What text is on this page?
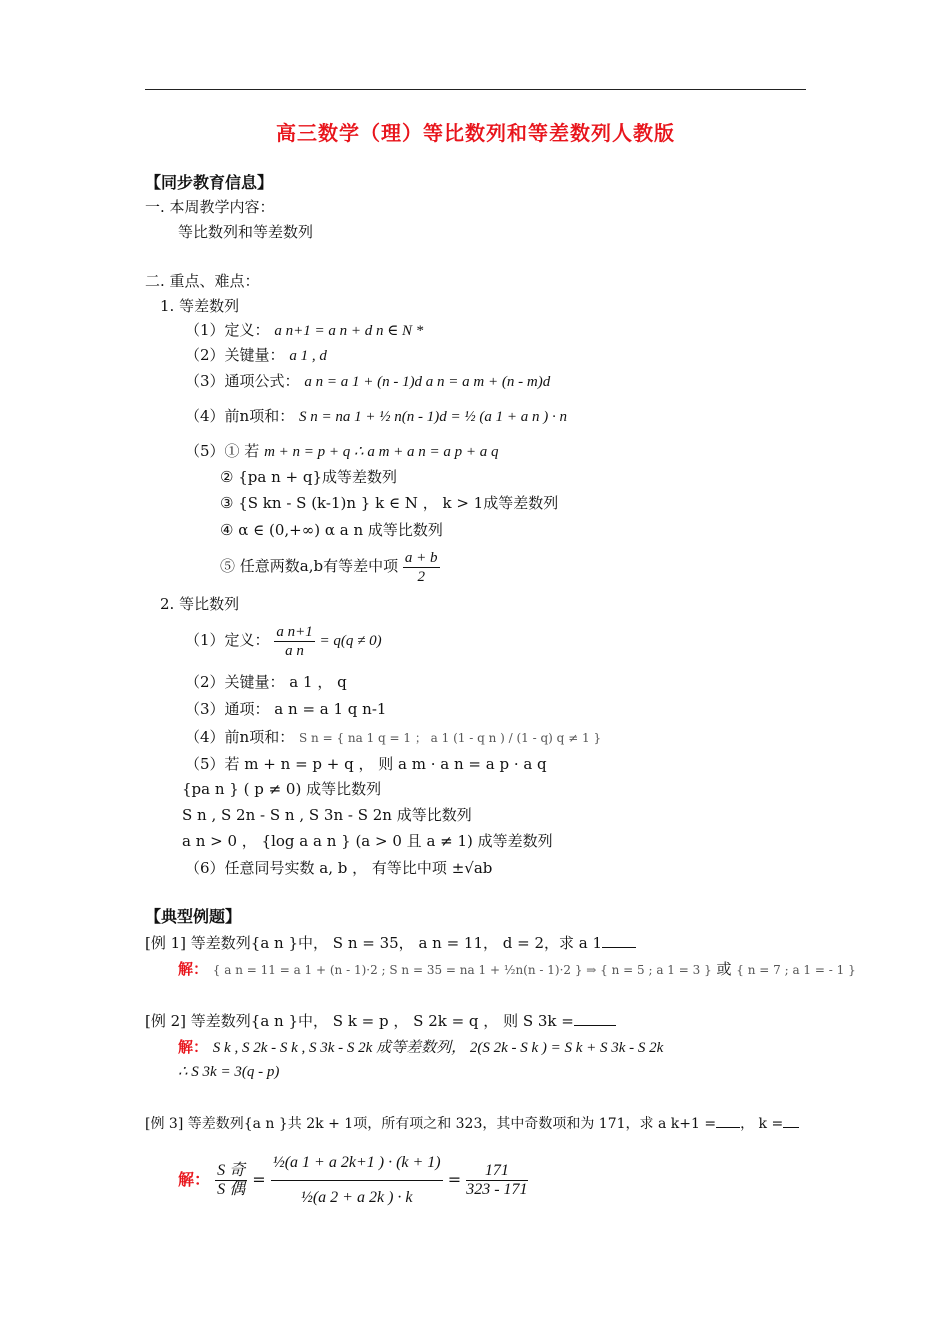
高三数学（理）等比数列和等差数列人教版
【同步教育信息】
一. 本周教学内容：
等比数列和等差数列
二. 重点、难点：
1. 等差数列
（1）定义： a n+1 = a n + d n ∈ N *
（2）关键量： a 1 , d
（3）通项公式： a n = a 1 + (n - 1)d a n = a m + (n - m)d
（4）前n项和： S n = na 1 + ½ n(n - 1)d = ½ (a 1 + a n ) · n
（5）① 若 m + n = p + q ∴ a m + a n = a p + a q
② {pa n + q}成等差数列
③ {S kn - S (k-1)n } k ∈ N ， k > 1成等差数列
④ α ∈ (0,+∞) α a n 成等比数列
⑤ 任意两数a,b有等差中项 $\frac{a + b}{2}$
2. 等比数列
（1）定义： $\frac{\text{a n+1}}{\text{a n}} = q(q \ne 0)$
（2）关键量： a 1 ， q
（3）通项： a n = a 1 q n-1
（4）前n项和： S n = { na 1 q = 1 ； a 1 (1 - q n ) / (1 - q) q ≠ 1 }
（5）若 m + n = p + q ， 则 a m · a n = a p · a q
{pa n } ( p ≠ 0) 成等比数列
S n , S 2n - S n , S 3n - S 2n 成等比数列
a n > 0 ， {log a a n } (a > 0 且 a ≠ 1) 成等差数列
（6）任意同号实数 a, b ， 有等比中项 ±√ab
【典型例题】
[例 1] 等差数列{a n }中， S n = 35， a n = 11， d = 2，求 a 1
解： { a n = 11 = a 1 + (n - 1)·2 ; S n = 35 = na 1 + ½n(n - 1)·2 } ⇒ { n = 5 ; a 1 = 3 } 或 { n = 7 ; a 1 = - 1 }
[例 2] 等差数列{a n }中， S k = p ， S 2k = q ， 则 S 3k =
解： S k , S 2k - S k , S 3k - S 2k 成等差数列， 2(S 2k - S k ) = S k + S 3k - S 2k
∴ S 3k = 3(q - p)
[例 3] 等差数列{a n }共 2k + 1项，所有项之和 323，其中奇数项和为 171，求 a k+1 = ， k =
解： $\frac{\text{S 奇}}{\text{S 偶}} = \frac{\text{½(a 1 + a 2k+1 ) · (k + 1)}}{\text{½(a 2 + a 2k ) · k}} = \frac{171}{323 - 171}$
